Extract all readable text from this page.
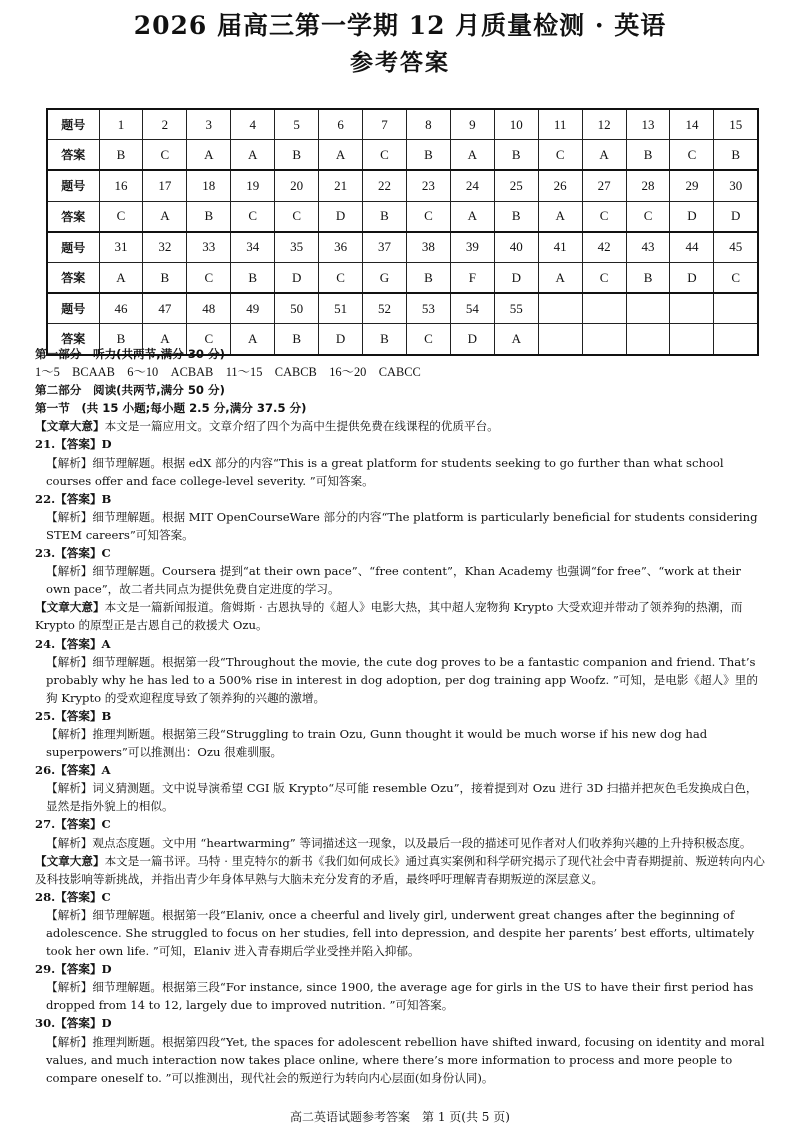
2026 届高三第一学期 12 月质量检测 · 英语
参考答案
题号	1	2	3	4	5	6	7	8	9	10	11	12	13	14	15
答案	B	C	A	A	B	A	C	B	A	B	C	A	B	C	B
题号	16	17	18	19	20	21	22	23	24	25	26	27	28	29	30
答案	C	A	B	C	C	D	B	C	A	B	A	C	C	D	D
题号	31	32	33	34	35	36	37	38	39	40	41	42	43	44	45
答案	A	B	C	B	D	C	G	B	F	D	A	C	B	D	C
题号	46	47	48	49	50	51	52	53	54	55					
答案	B	A	C	A	B	D	B	C	D	A					

第一部分　听力(共两节,满分 30 分)

1～5　BCAAB　6～10　ACBAB　11～15　CABCB　16～20　CABCC

第二部分　阅读(共两节,满分 50 分)

第一节　(共 15 小题;每小题 2.5 分,满分 37.5 分)

【文章大意】本文是一篇应用文。文章介绍了四个为高中生提供免费在线课程的优质平台。

21.【答案】D

【解析】细节理解题。根据 edX 部分的内容“This is a great platform for students seeking to go further than what school courses offer and face college-level severity. ”可知答案。

22.【答案】B

【解析】细节理解题。根据 MIT OpenCourseWare 部分的内容“The platform is particularly beneficial for students considering STEM careers”可知答案。

23.【答案】C

【解析】细节理解题。Coursera 提到“at their own pace”、“free content”，Khan Academy 也强调“for free”、“work at their own pace”，故二者共同点为提供免费自定进度的学习。

【文章大意】本文是一篇新闻报道。詹姆斯 · 古恩执导的《超人》电影大热，其中超人宠物狗 Krypto 大受欢迎并带动了领养狗的热潮，而 Krypto 的原型正是古恩自己的救援犬 Ozu。

24.【答案】A

【解析】细节理解题。根据第一段“Throughout the movie, the cute dog proves to be a fantastic companion and friend. That’s probably why he has led to a 500% rise in interest in dog adoption, per dog training app Woofz. ”可知，是电影《超人》里的狗 Krypto 的受欢迎程度导致了领养狗的兴趣的激增。

25.【答案】B

【解析】推理判断题。根据第三段“Struggling to train Ozu, Gunn thought it would be much worse if his new dog had superpowers”可以推测出：Ozu 很难驯服。

26.【答案】A

【解析】词义猜测题。文中说导演希望 CGI 版 Krypto“尽可能 resemble Ozu”，接着提到对 Ozu 进行 3D 扫描并把灰色毛发换成白色，显然是指外貌上的相似。

27.【答案】C

【解析】观点态度题。文中用 “heartwarming” 等词描述这一现象，以及最后一段的描述可见作者对人们收养狗兴趣的上升持积极态度。

【文章大意】本文是一篇书评。马特 · 里克特尔的新书《我们如何成长》通过真实案例和科学研究揭示了现代社会中青春期提前、叛逆转向内心及科技影响等新挑战，并指出青少年身体早熟与大脑未充分发育的矛盾，最终呼吁理解青春期叛逆的深层意义。

28.【答案】C

【解析】细节理解题。根据第一段“Elaniv, once a cheerful and lively girl, underwent great changes after the beginning of adolescence. She struggled to focus on her studies, fell into depression, and despite her parents’ best efforts, ultimately took her own life. ”可知，Elaniv 进入青春期后学业受挫并陷入抑郁。

29.【答案】D

【解析】细节理解题。根据第三段“For instance, since 1900, the average age for girls in the US to have their first period has dropped from 14 to 12, largely due to improved nutrition. ”可知答案。

30.【答案】D

【解析】推理判断题。根据第四段“Yet, the spaces for adolescent rebellion have shifted inward, focusing on identity and moral values, and much interaction now takes place online, where there’s more information to process and more people to compare oneself to. ”可以推测出，现代社会的叛逆行为转向内心层面(如身份认同)。

高二英语试题参考答案　第 1 页(共 5 页)
